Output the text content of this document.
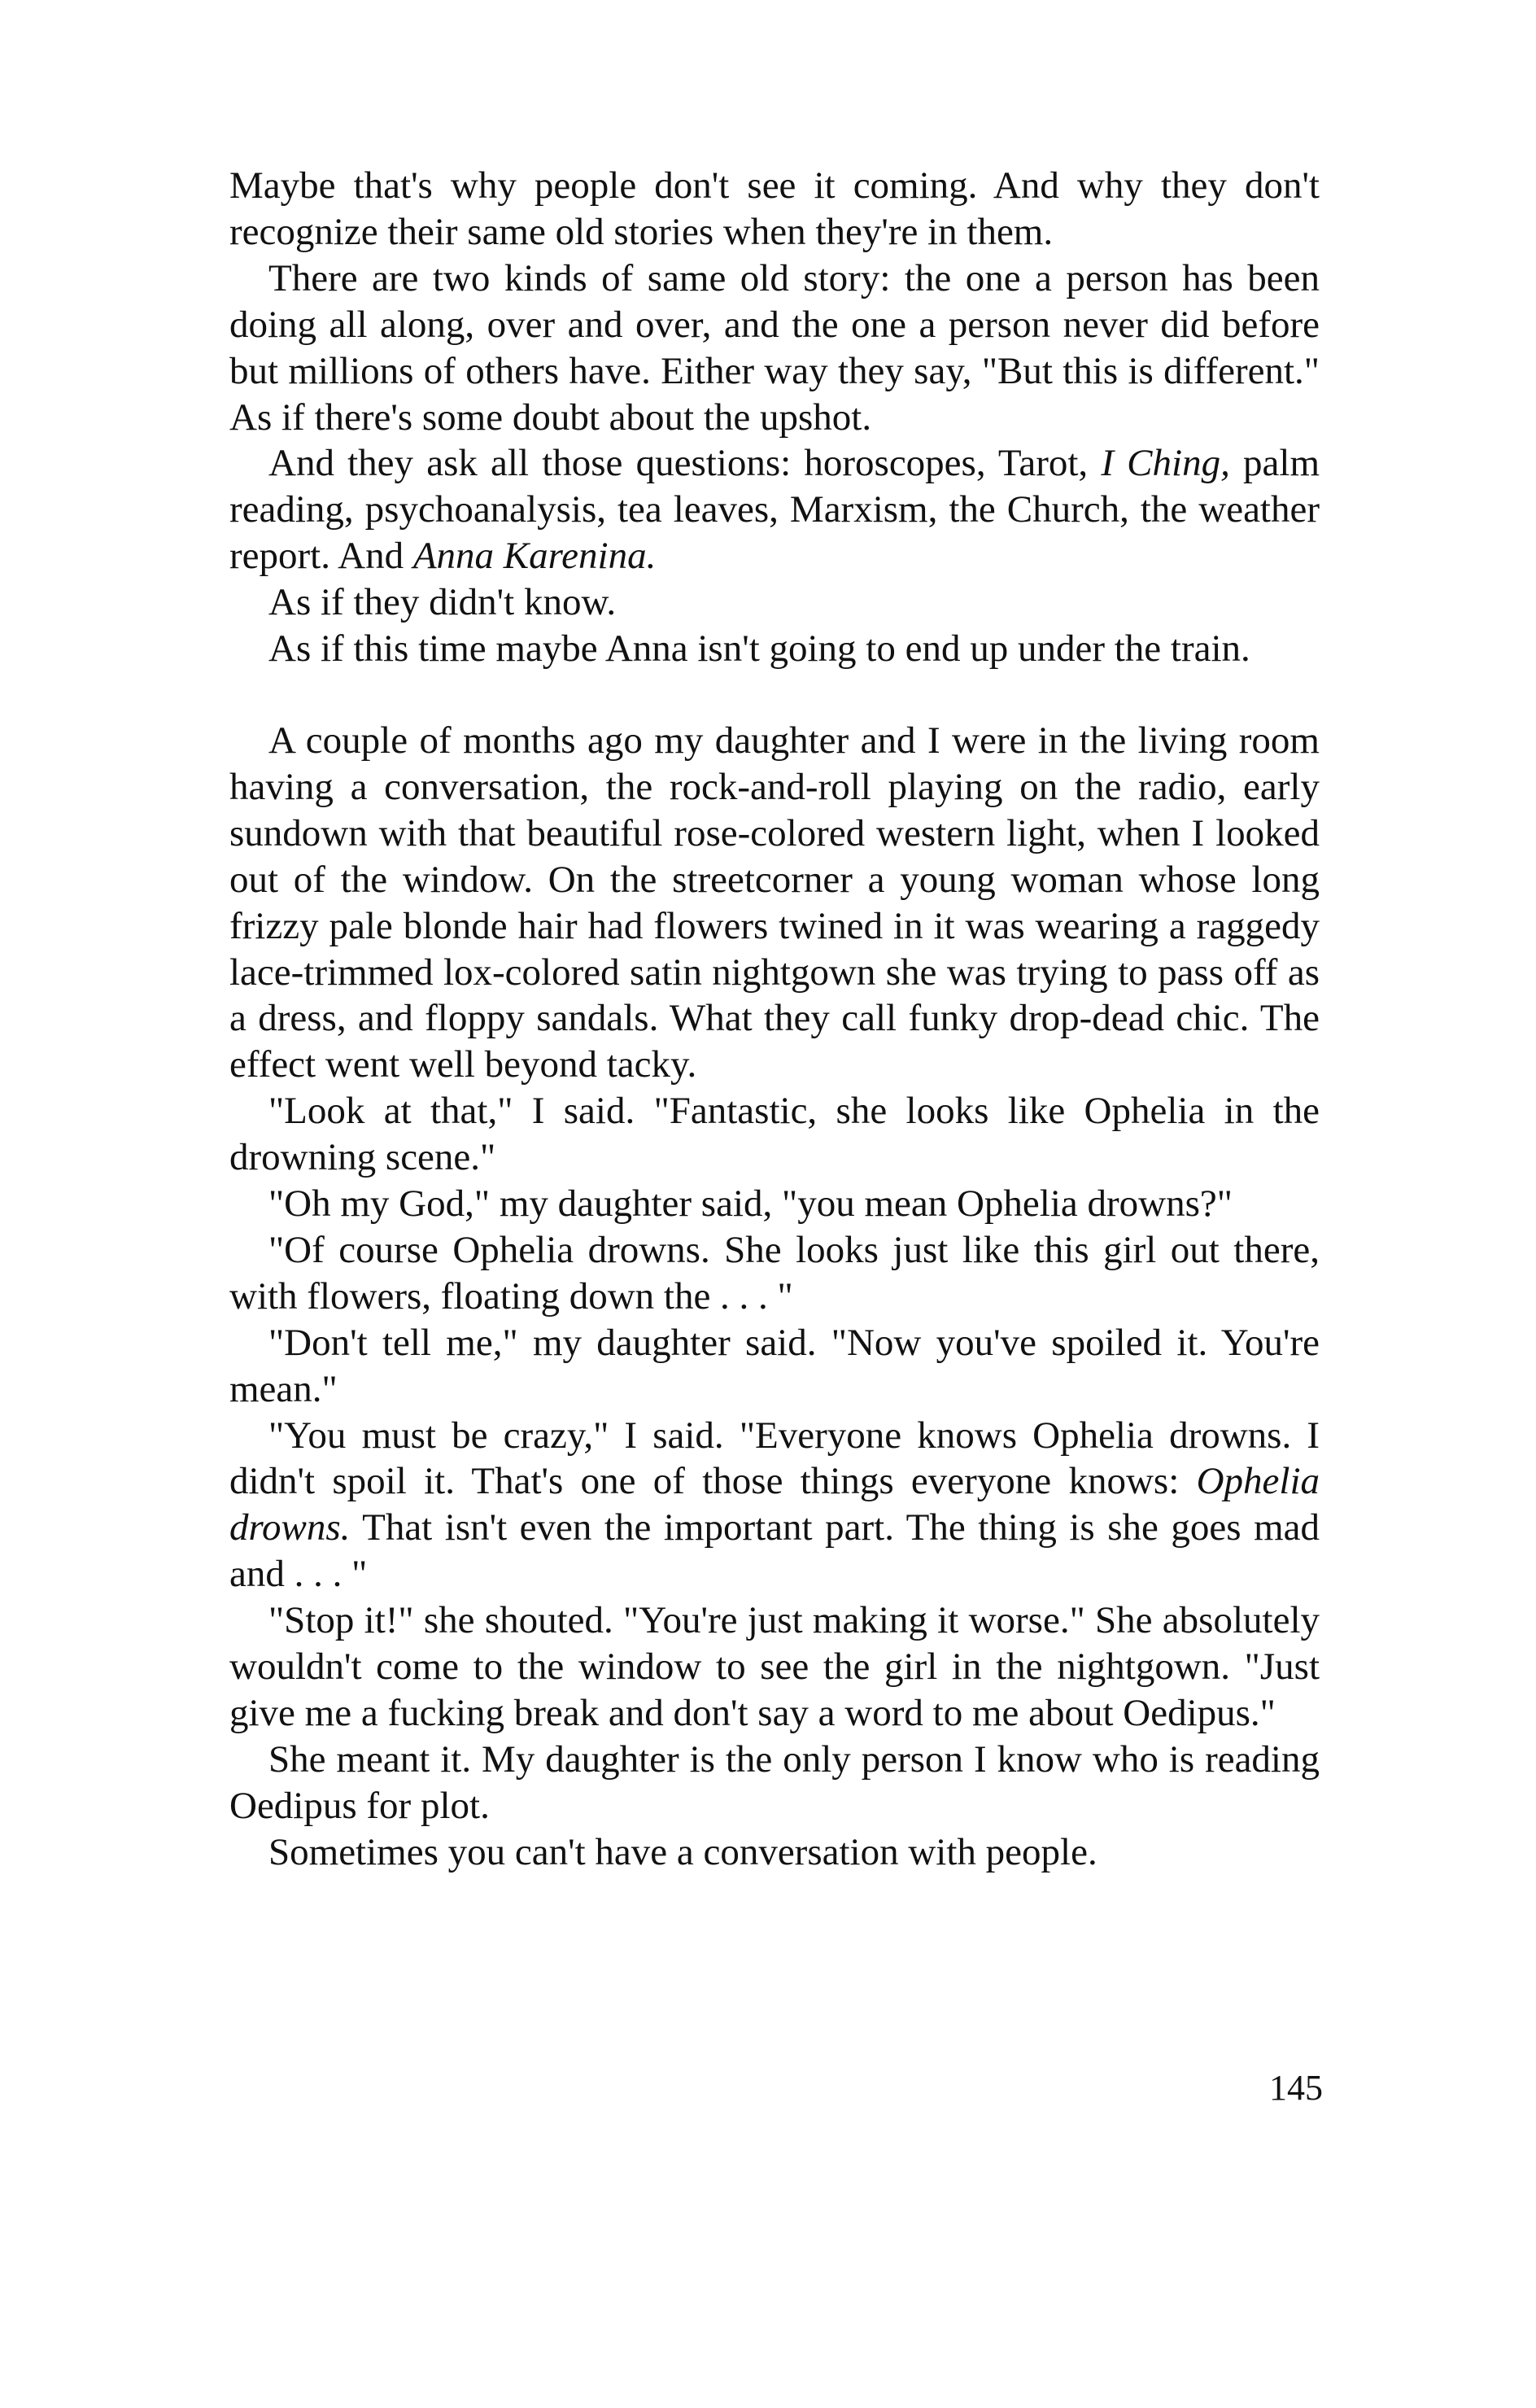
Maybe that's why people don't see it coming. And why they don't recognize their same old stories when they're in them.

There are two kinds of same old story: the one a person has been doing all along, over and over, and the one a person never did before but millions of others have. Either way they say, "But this is different." As if there's some doubt about the upshot.

And they ask all those questions: horoscopes, Tarot, I Ching, palm reading, psychoanalysis, tea leaves, Marxism, the Church, the weather report. And Anna Karenina.

As if they didn't know.

As if this time maybe Anna isn't going to end up under the train.

A couple of months ago my daughter and I were in the living room having a conversation, the rock-and-roll playing on the radio, early sundown with that beautiful rose-colored western light, when I looked out of the window. On the streetcorner a young woman whose long frizzy pale blonde hair had flowers twined in it was wearing a raggedy lace-trimmed lox-colored satin nightgown she was trying to pass off as a dress, and floppy sandals. What they call funky drop-dead chic. The effect went well beyond tacky.

"Look at that," I said. "Fantastic, she looks like Ophelia in the drowning scene."

"Oh my God," my daughter said, "you mean Ophelia drowns?"

"Of course Ophelia drowns. She looks just like this girl out there, with flowers, floating down the . . . "

"Don't tell me," my daughter said. "Now you've spoiled it. You're mean."

"You must be crazy," I said. "Everyone knows Ophelia drowns. I didn't spoil it. That's one of those things everyone knows: Ophelia drowns. That isn't even the important part. The thing is she goes mad and . . . "

"Stop it!" she shouted. "You're just making it worse." She absolutely wouldn't come to the window to see the girl in the nightgown. "Just give me a fucking break and don't say a word to me about Oedipus."

She meant it. My daughter is the only person I know who is reading Oedipus for plot.

Sometimes you can't have a conversation with people.

145
